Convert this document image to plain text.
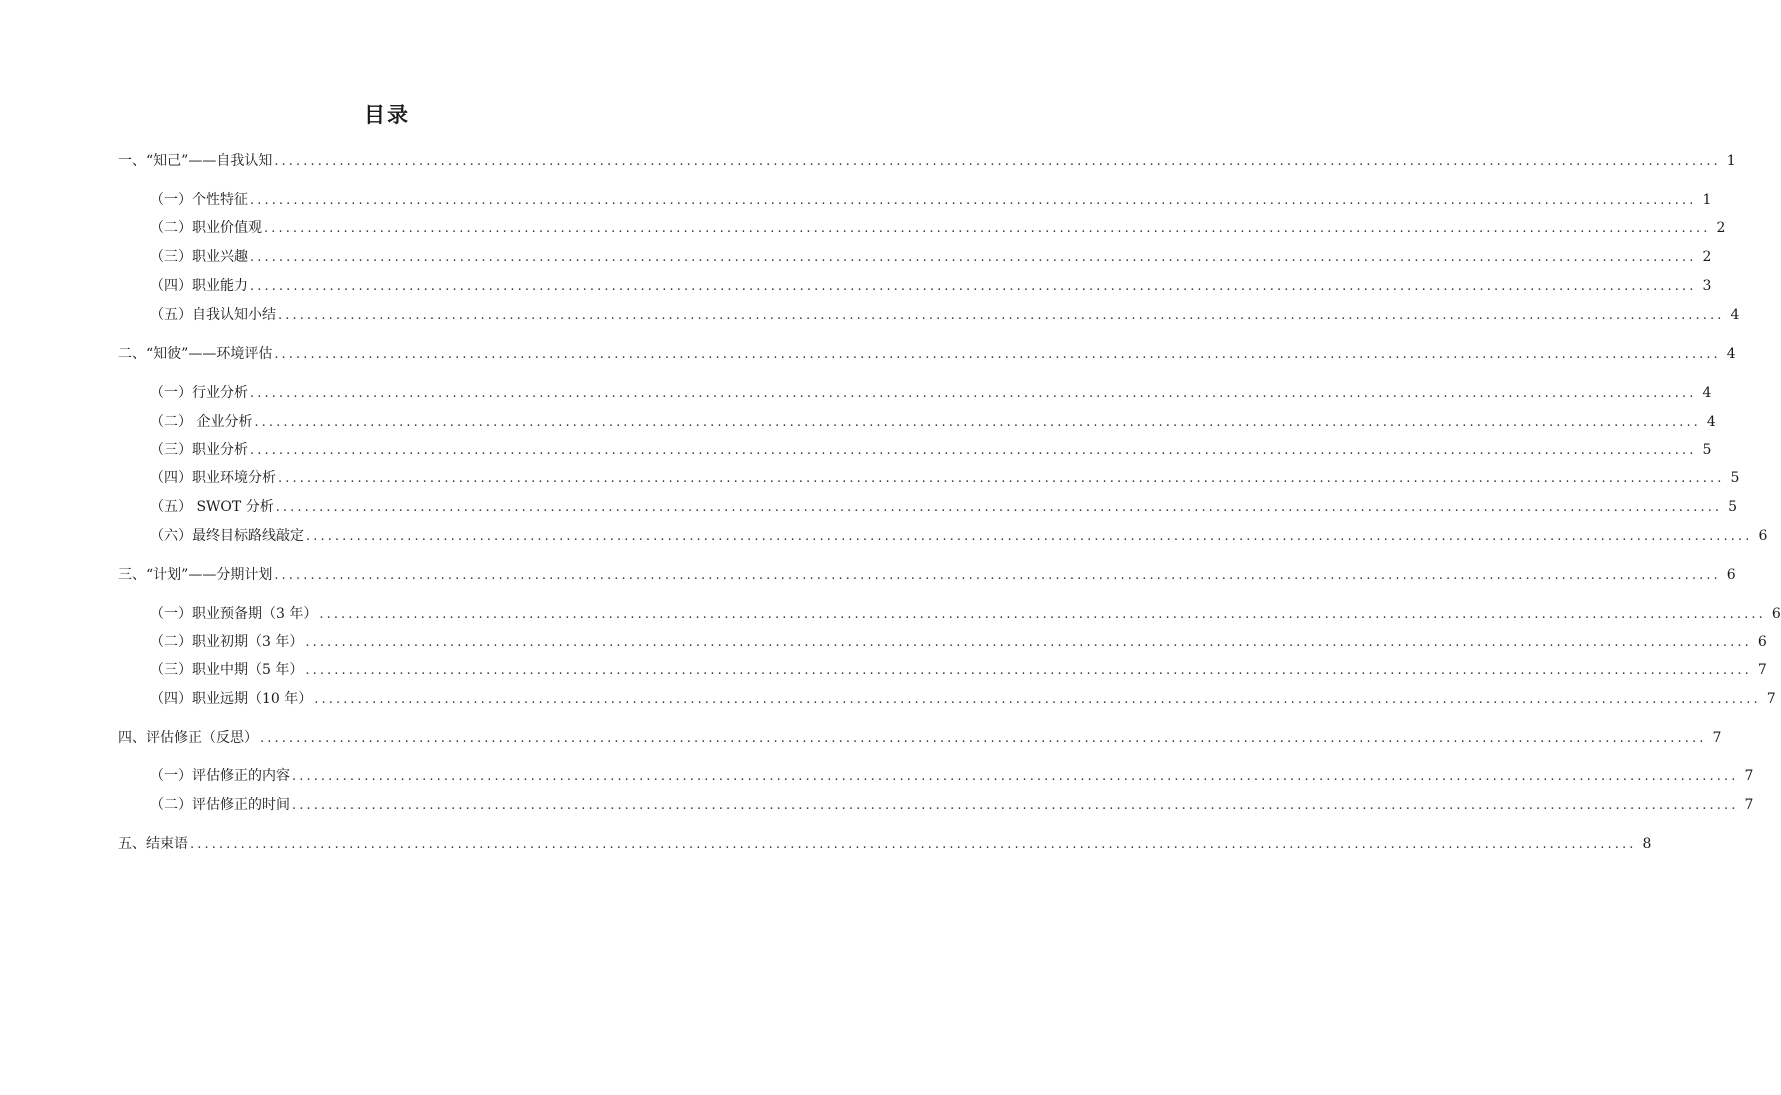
目录
一、“知己”——自我认知 ........................................................................................................................................................................................................ 1
（一）个性特征 ........................................................................................................................................................................................................ 1
（二）职业价值观 ........................................................................................................................................................................................................ 2
（三）职业兴趣 ........................................................................................................................................................................................................ 2
（四）职业能力 ........................................................................................................................................................................................................ 3
（五）自我认知小结 ........................................................................................................................................................................................................ 4
二、“知彼”——环境评估 ........................................................................................................................................................................................................ 4
（一）行业分析 ........................................................................................................................................................................................................ 4
（二） 企业分析 ........................................................................................................................................................................................................ 4
（三）职业分析 ........................................................................................................................................................................................................ 5
（四）职业环境分析 ........................................................................................................................................................................................................ 5
（五） SWOT 分析 ........................................................................................................................................................................................................ 5
（六）最终目标路线敲定 ........................................................................................................................................................................................................ 6
三、“计划”——分期计划 ........................................................................................................................................................................................................ 6
（一）职业预备期（3 年） ........................................................................................................................................................................................................ 6
（二）职业初期（3 年） ........................................................................................................................................................................................................ 6
（三）职业中期（5 年） ........................................................................................................................................................................................................ 7
（四）职业远期（10 年） ........................................................................................................................................................................................................ 7
四、评估修正（反思） ........................................................................................................................................................................................................ 7
（一）评估修正的内容 ........................................................................................................................................................................................................ 7
（二）评估修正的时间 ........................................................................................................................................................................................................ 7
五、结束语 ........................................................................................................................................................................................................ 8
